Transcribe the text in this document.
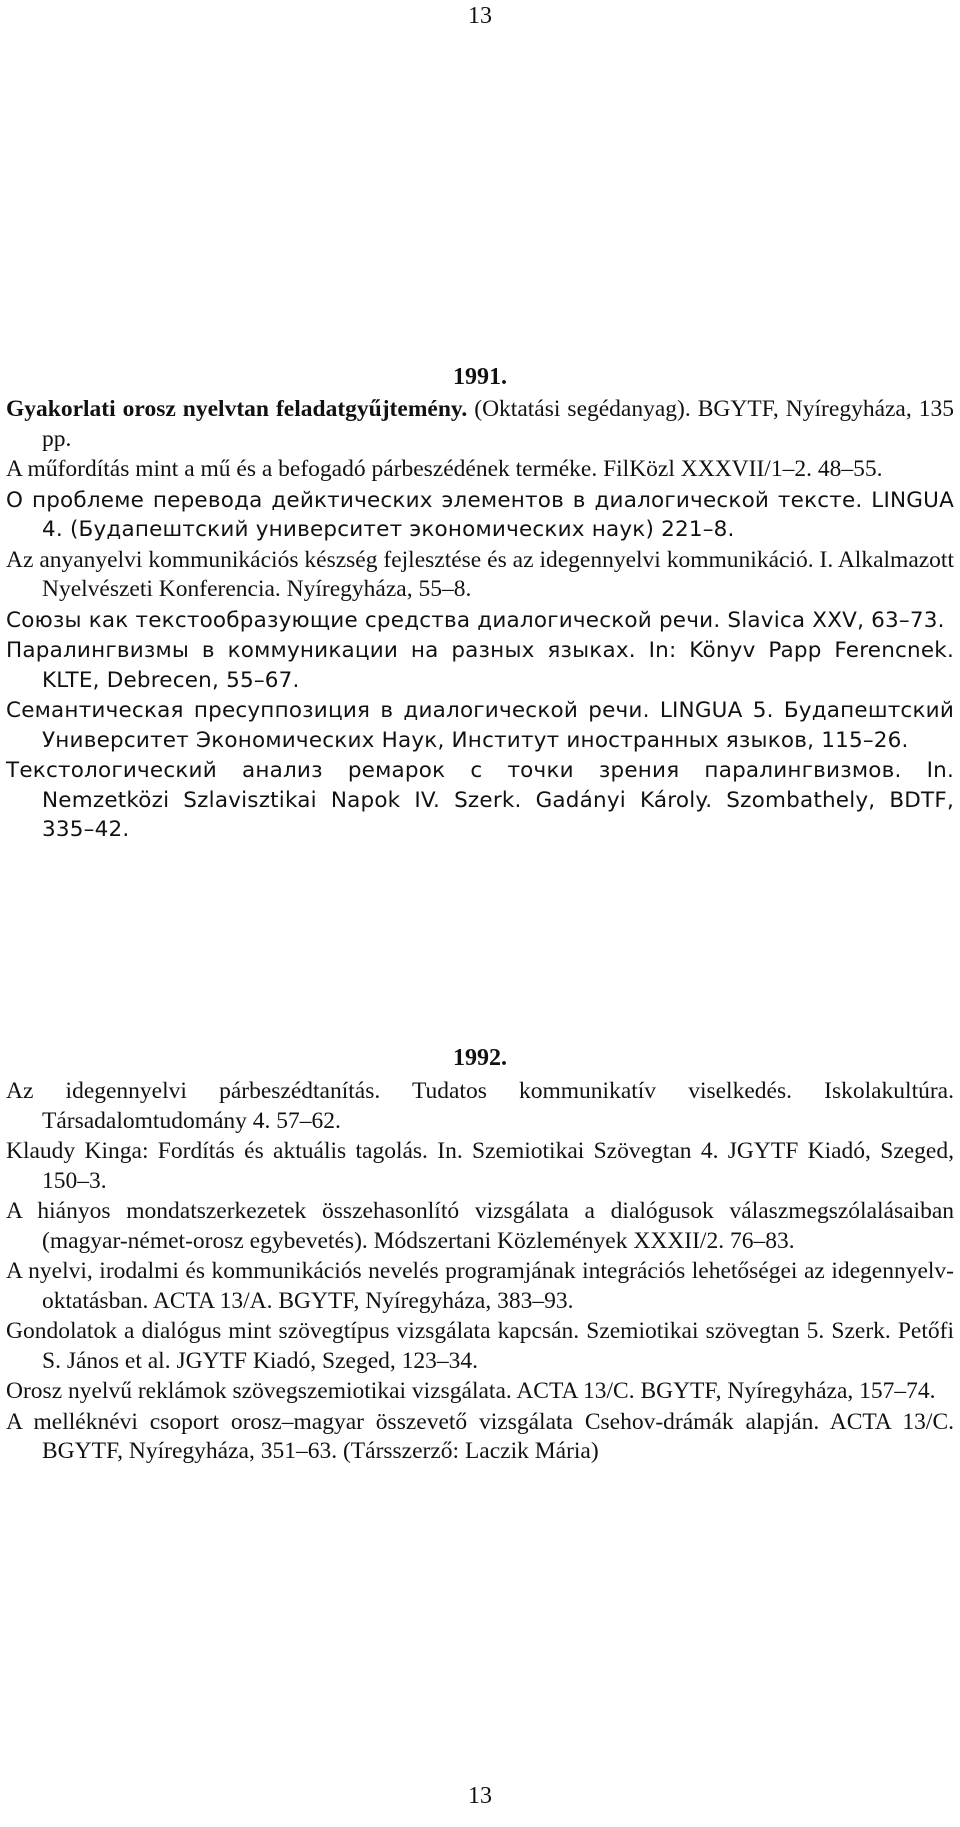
13
1991.

Gyakorlati orosz nyelvtan feladatgyűjtemény. (Oktatási segédanyag). BGYTF, Nyíregyháza, 135 pp.

A műfordítás mint a mű és a befogadó párbeszédének terméke. FilKözl XXXVII/1–2. 48–55.

О проблеме перевода дейктических элементов в диалогической тексте. LINGUA 4. (Будапештский университет экономических наук) 221–8.

Az anyanyelvi kommunikációs készség fejlesztése és az idegennyelvi kommunikáció. I. Alkalmazott Nyelvészeti Konferencia. Nyíregyháza, 55–8.

Союзы как текстообразующие средства диалогической речи. Slavica XXV, 63–73.

Паралингвизмы в коммуникации на разных языках. In: Könyv Papp Ferencnek. KLTE, Debrecen, 55–67.

Семантическая пресуппозиция в диалогической речи. LINGUA 5. Будапештский Университет Экономических Наук, Институт иностранных языков, 115–26.

Текстологический анализ ремарок с точки зрения паралингвизмов. In. Nemzetközi Szlavisztikai Napok IV. Szerk. Gadányi Károly. Szombathely, BDTF, 335–42.

1992.

Az idegennyelvi párbeszédtanítás. Tudatos kommunikatív viselkedés. Iskolakultúra. Társadalomtudomány 4. 57–62.

Klaudy Kinga: Fordítás és aktuális tagolás. In. Szemiotikai Szövegtan 4. JGYTF Kiadó, Szeged, 150–3.

A hiányos mondatszerkezetek összehasonlító vizsgálata a dialógusok válaszmegszólalásaiban (magyar-német-orosz egybevetés). Módszertani Közlemények XXXII/2. 76–83.

A nyelvi, irodalmi és kommunikációs nevelés programjának integrációs lehetőségei az idegennyelv-oktatásban. ACTA 13/A. BGYTF, Nyíregyháza, 383–93.

Gondolatok a dialógus mint szövegtípus vizsgálata kapcsán. Szemiotikai szövegtan 5. Szerk. Petőfi S. János et al. JGYTF Kiadó, Szeged, 123–34.

Orosz nyelvű reklámok szövegszemiotikai vizsgálata. ACTA 13/C. BGYTF, Nyíregyháza, 157–74.

A melléknévi csoport orosz–magyar összevető vizsgálata Csehov-drámák alapján. ACTA 13/C. BGYTF, Nyíregyháza, 351–63. (Társszerző: Laczik Mária)

13
